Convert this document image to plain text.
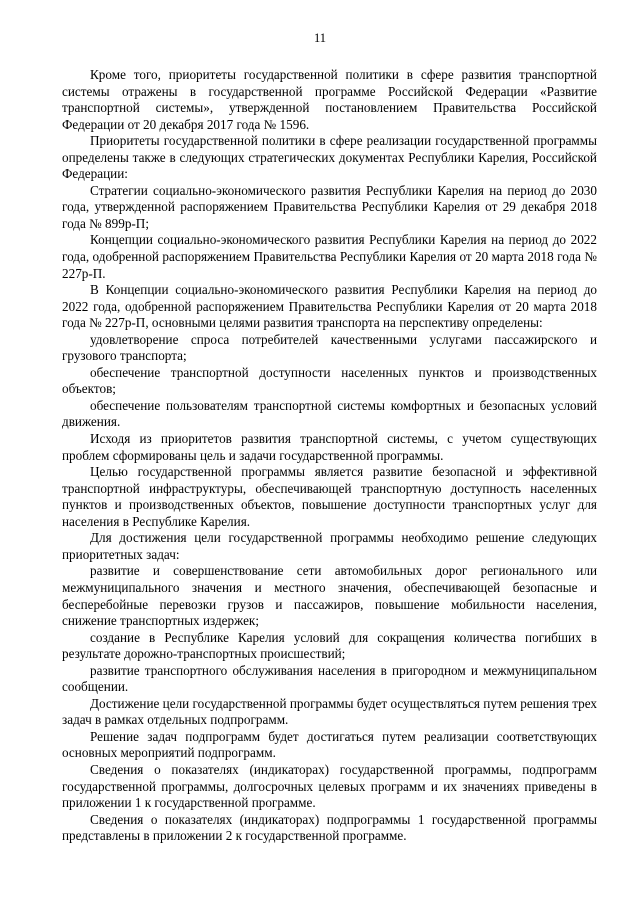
11

Кроме того, приоритеты государственной политики в сфере развития транспортной системы отражены в государственной программе Российской Федерации «Развитие транспортной системы», утвержденной постановлением Правительства Российской Федерации от 20 декабря 2017 года № 1596.

Приоритеты государственной политики в сфере реализации государственной программы определены также в следующих стратегических документах Республики Карелия, Российской Федерации:

Стратегии социально-экономического развития Республики Карелия на период до 2030 года, утвержденной распоряжением Правительства Республики Карелия от 29 декабря 2018 года № 899р-П;

Концепции социально-экономического развития Республики Карелия на период до 2022 года, одобренной распоряжением Правительства Республики Карелия от 20 марта 2018 года № 227р-П.

В Концепции социально-экономического развития Республики Карелия на период до 2022 года, одобренной распоряжением Правительства Республики Карелия от 20 марта 2018 года № 227р-П, основными целями развития транспорта на перспективу определены:

удовлетворение спроса потребителей качественными услугами пассажирского и грузового транспорта;

обеспечение транспортной доступности населенных пунктов и производственных объектов;

обеспечение пользователям транспортной системы комфортных и безопасных условий движения.

Исходя из приоритетов развития транспортной системы, с учетом существующих проблем сформированы цель и задачи государственной программы.

Целью государственной программы является развитие безопасной и эффективной транспортной инфраструктуры, обеспечивающей транспортную доступность населенных пунктов и производственных объектов, повышение доступности транспортных услуг для населения в Республике Карелия.

Для достижения цели государственной программы необходимо решение следующих приоритетных задач:

развитие и совершенствование сети автомобильных дорог регионального или межмуниципального значения и местного значения, обеспечивающей безопасные и бесперебойные перевозки грузов и пассажиров, повышение мобильности населения, снижение транспортных издержек;

создание в Республике Карелия условий для сокращения количества погибших в результате дорожно-транспортных происшествий;

развитие транспортного обслуживания населения в пригородном и межмуниципальном сообщении.

Достижение цели государственной программы будет осуществляться путем решения трех задач в рамках отдельных подпрограмм.

Решение задач подпрограмм будет достигаться путем реализации соответствующих основных мероприятий подпрограмм.

Сведения о показателях (индикаторах) государственной программы, подпрограмм государственной программы, долгосрочных целевых программ и их значениях приведены в приложении 1 к государственной программе.

Сведения о показателях (индикаторах) подпрограммы 1 государственной программы представлены в приложении 2 к государственной программе.
